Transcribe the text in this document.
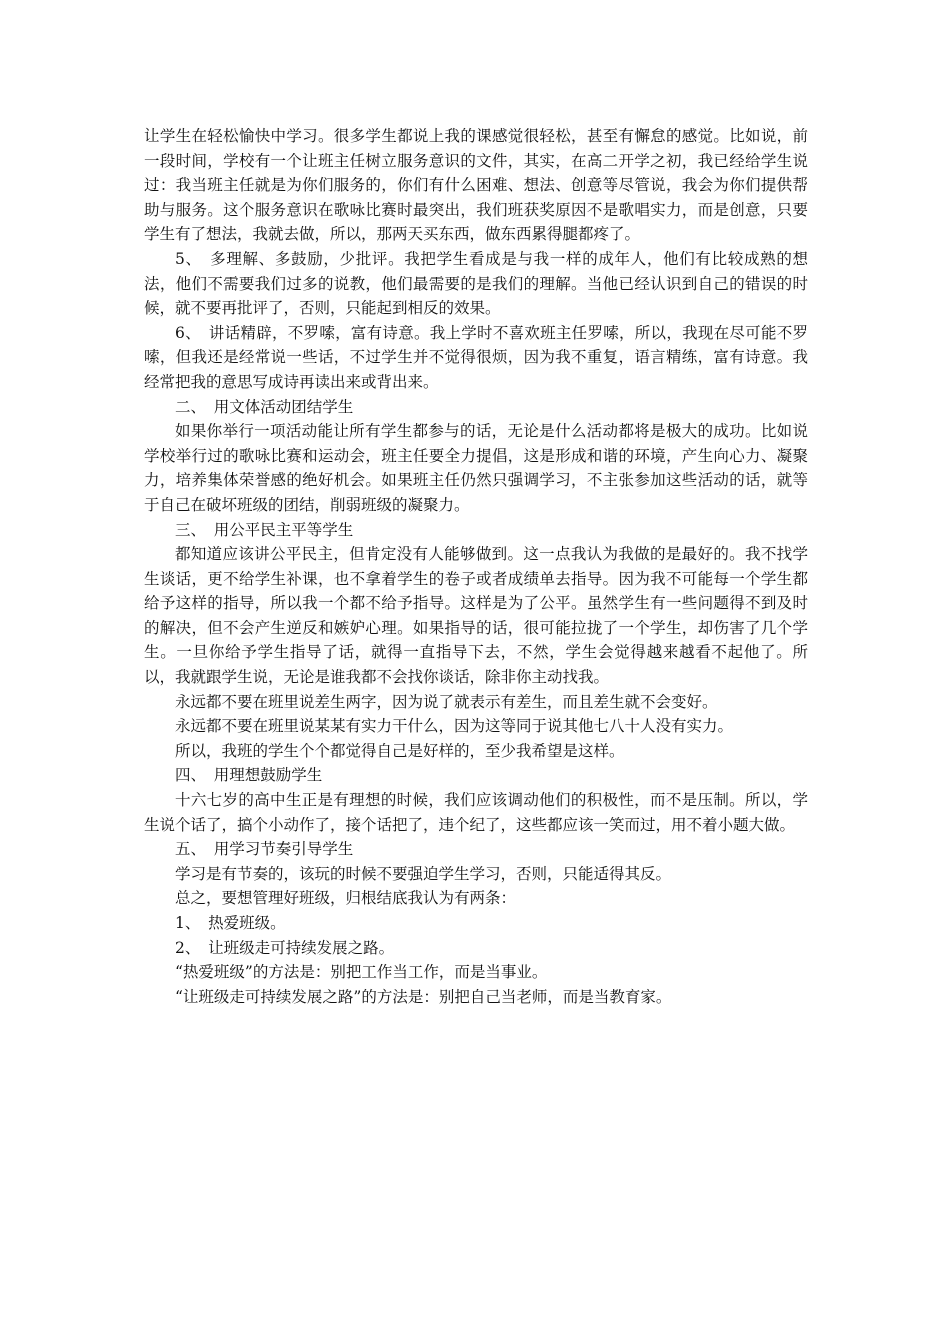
让学生在轻松愉快中学习。很多学生都说上我的课感觉很轻松，甚至有懈怠的感觉。比如说，前一段时间，学校有一个让班主任树立服务意识的文件，其实，在高二开学之初，我已经给学生说过：我当班主任就是为你们服务的，你们有什么困难、想法、创意等尽管说，我会为你们提供帮助与服务。这个服务意识在歌咏比赛时最突出，我们班获奖原因不是歌唱实力，而是创意，只要学生有了想法，我就去做，所以，那两天买东西，做东西累得腿都疼了。

5、　多理解、多鼓励，少批评。我把学生看成是与我一样的成年人，他们有比较成熟的想法，他们不需要我们过多的说教，他们最需要的是我们的理解。当他已经认识到自己的错误的时候，就不要再批评了，否则，只能起到相反的效果。

6、　讲话精辟，不罗嗦，富有诗意。我上学时不喜欢班主任罗嗦，所以，我现在尽可能不罗嗦，但我还是经常说一些话，不过学生并不觉得很烦，因为我不重复，语言精练，富有诗意。我经常把我的意思写成诗再读出来或背出来。

二、　用文体活动团结学生

如果你举行一项活动能让所有学生都参与的话，无论是什么活动都将是极大的成功。比如说学校举行过的歌咏比赛和运动会，班主任要全力提倡，这是形成和谐的环境，产生向心力、凝聚力，培养集体荣誉感的绝好机会。如果班主任仍然只强调学习，不主张参加这些活动的话，就等于自己在破坏班级的团结，削弱班级的凝聚力。

三、　用公平民主平等学生

都知道应该讲公平民主，但肯定没有人能够做到。这一点我认为我做的是最好的。我不找学生谈话，更不给学生补课，也不拿着学生的卷子或者成绩单去指导。因为我不可能每一个学生都给予这样的指导，所以我一个都不给予指导。这样是为了公平。虽然学生有一些问题得不到及时的解决，但不会产生逆反和嫉妒心理。如果指导的话，很可能拉拢了一个学生，却伤害了几个学生。一旦你给予学生指导了话，就得一直指导下去，不然，学生会觉得越来越看不起他了。所以，我就跟学生说，无论是谁我都不会找你谈话，除非你主动找我。

永远都不要在班里说差生两字，因为说了就表示有差生，而且差生就不会变好。

永远都不要在班里说某某有实力干什么，因为这等同于说其他七八十人没有实力。

所以，我班的学生个个都觉得自己是好样的，至少我希望是这样。

四、　用理想鼓励学生

十六七岁的高中生正是有理想的时候，我们应该调动他们的积极性，而不是压制。所以，学生说个话了，搞个小动作了，接个话把了，违个纪了，这些都应该一笑而过，用不着小题大做。

五、　用学习节奏引导学生

学习是有节奏的，该玩的时候不要强迫学生学习，否则，只能适得其反。

总之，要想管理好班级，归根结底我认为有两条：

1、　热爱班级。

2、　让班级走可持续发展之路。

“热爱班级”的方法是：别把工作当工作，而是当事业。

“让班级走可持续发展之路”的方法是：别把自己当老师，而是当教育家。
